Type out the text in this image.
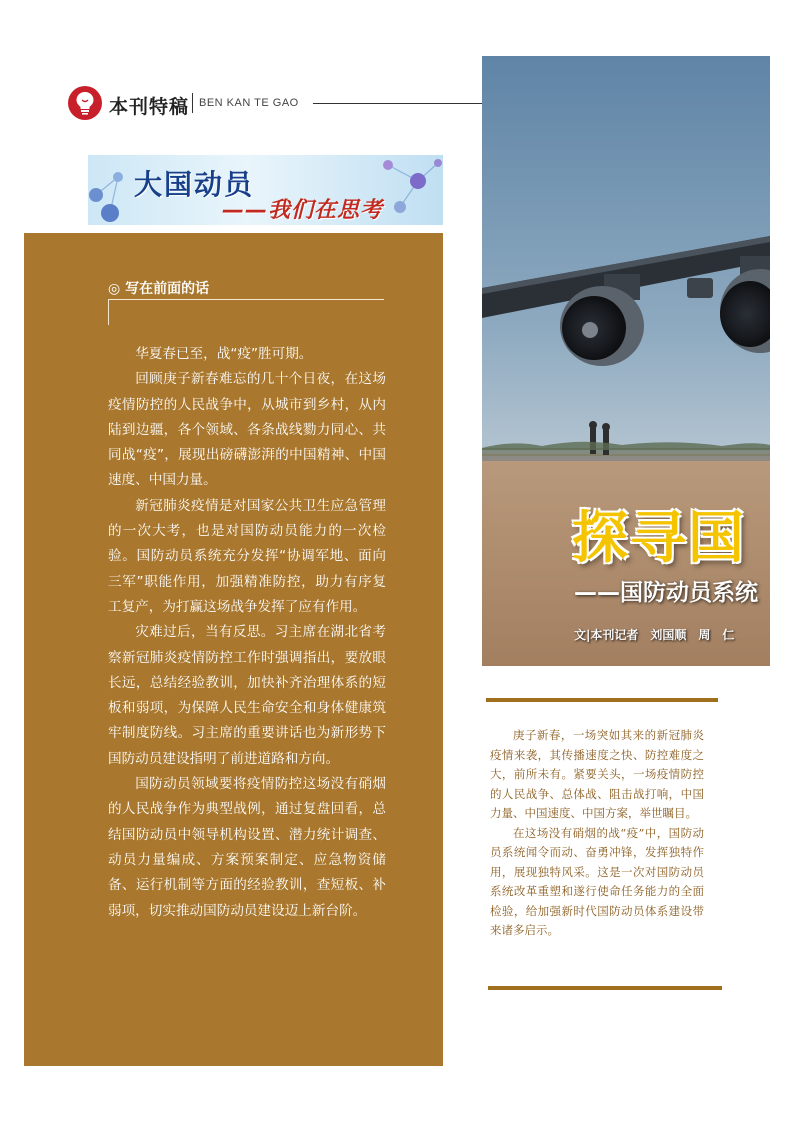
本刊特稿 BEN KAN TE GAO
大国动员
——我们在思考
◎ 写在前面的话

华夏春已至，战“疫”胜可期。

回顾庚子新春难忘的几十个日夜，在这场疫情防控的人民战争中，从城市到乡村，从内陆到边疆，各个领域、各条战线勠力同心、共同战“疫”，展现出磅礴澎湃的中国精神、中国速度、中国力量。

新冠肺炎疫情是对国家公共卫生应急管理的一次大考，也是对国防动员能力的一次检验。国防动员系统充分发挥“协调军地、面向三军”职能作用，加强精准防控，助力有序复工复产，为打赢这场战争发挥了应有作用。

灾难过后，当有反思。习主席在湖北省考察新冠肺炎疫情防控工作时强调指出，要放眼长远，总结经验教训，加快补齐治理体系的短板和弱项，为保障人民生命安全和身体健康筑牢制度防线。习主席的重要讲话也为新形势下国防动员建设指明了前进道路和方向。

国防动员领域要将疫情防控这场没有硝烟的人民战争作为典型战例，通过复盘回看，总结国防动员中领导机构设置、潜力统计调查、动员力量编成、方案预案制定、应急物资储备、运行机制等方面的经验教训，查短板、补弱项，切实推动国防动员建设迈上新台阶。

探寻国
——国防动员系统
文|本刊记者　刘国顺　周　仁

庚子新春，一场突如其来的新冠肺炎疫情来袭，其传播速度之快、防控难度之大，前所未有。紧要关头，一场疫情防控的人民战争、总体战、阻击战打响，中国力量、中国速度、中国方案，举世瞩目。

在这场没有硝烟的战“疫”中，国防动员系统闻令而动、奋勇冲锋，发挥独特作用，展现独特风采。这是一次对国防动员系统改革重塑和遂行使命任务能力的全面检验，给加强新时代国防动员体系建设带来诸多启示。
